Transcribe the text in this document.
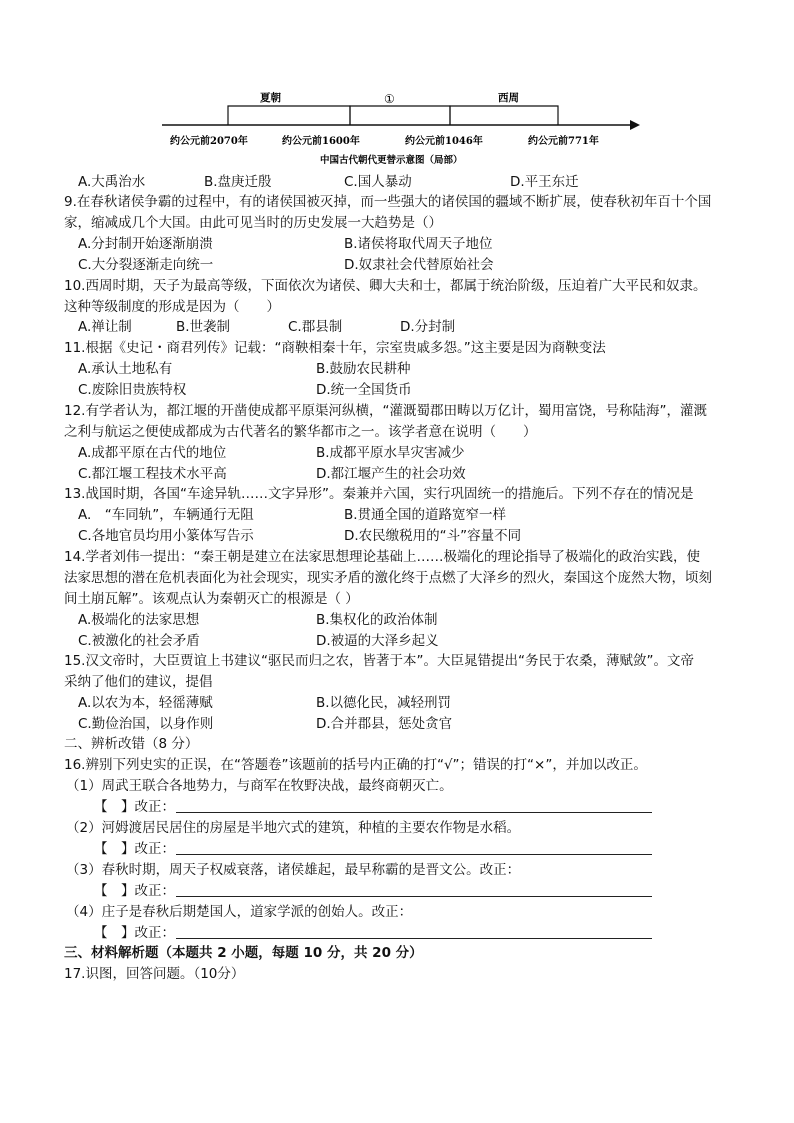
夏朝	①	西周
约公元前2070年	约公元前1600年	约公元前1046年	约公元前771年
中国古代朝代更替示意图（局部）
A.大禹治水	B.盘庚迁殷	C.国人暴动	D.平王东迁
9.在春秋诸侯争霸的过程中，有的诸侯国被灭掉，而一些强大的诸侯国的疆域不断扩展，使春秋初年百十个国
家，缩减成几个大国。由此可见当时的历史发展一大趋势是（）
A.分封制开始逐渐崩溃	B.诸侯将取代周天子地位
C.大分裂逐渐走向统一	D.奴隶社会代替原始社会
10.西周时期，天子为最高等级，下面依次为诸侯、卿大夫和士，都属于统治阶级，压迫着广大平民和奴隶。
这种等级制度的形成是因为（　　）
A.禅让制	B.世袭制	C.郡县制	D.分封制
11.根据《史记・商君列传》记载：“商鞅相秦十年，宗室贵戚多怨。”这主要是因为商鞅变法
A.承认土地私有	B.鼓励农民耕种
C.废除旧贵族特权	D.统一全国货币
12.有学者认为，都江堰的开凿使成都平原渠河纵横，“灌溉蜀郡田畴以万亿计，蜀用富饶，号称陆海”，灌溉
之利与航运之便使成都成为古代著名的繁华都市之一。该学者意在说明（　　）
A.成都平原在古代的地位	B.成都平原水旱灾害减少
C.都江堰工程技术水平高	D.都江堰产生的社会功效
13.战国时期，各国“车途异轨……文字异形”。秦兼并六国，实行巩固统一的措施后。下列不存在的情况是
A.　“车同轨”，车辆通行无阻	B.贯通全国的道路宽窄一样
C.各地官员均用小篆体写告示	D.农民缴税用的“斗”容量不同
14.学者刘伟一提出：“秦王朝是建立在法家思想理论基础上……极端化的理论指导了极端化的政治实践，使
法家思想的潜在危机表面化为社会现实，现实矛盾的激化终于点燃了大泽乡的烈火，秦国这个庞然大物，顷刻
间土崩瓦解”。该观点认为秦朝灭亡的根源是（ ）
A.极端化的法家思想	B.集权化的政治体制
C.被激化的社会矛盾	D.被逼的大泽乡起义
15.汉文帝时，大臣贾谊上书建议“驱民而归之农，皆著于本”。大臣晁错提出“务民于农桑，薄赋敛”。文帝
采纳了他们的建议，提倡
A.以农为本，轻徭薄赋	B.以德化民，减轻刑罚
C.勤俭治国，以身作则	D.合并郡县，惩处贪官
二、辨析改错（8 分）
16.辨别下列史实的正误，在“答题卷”该题前的括号内正确的打“√”；错误的打“×”，并加以改正。
（1）周武王联合各地势力，与商军在牧野决战，最终商朝灭亡。
【　】改正：
（2）河姆渡居民居住的房屋是半地穴式的建筑，种植的主要农作物是水稻。
【　】改正：
（3）春秋时期，周天子权威衰落，诸侯雄起，最早称霸的是晋文公。改正：
【　】改正：
（4）庄子是春秋后期楚国人，道家学派的创始人。改正：
【　】改正：
三、材料解析题（本题共 2 小题，每题 10 分，共 20 分）
17.识图，回答问题。（10分）
